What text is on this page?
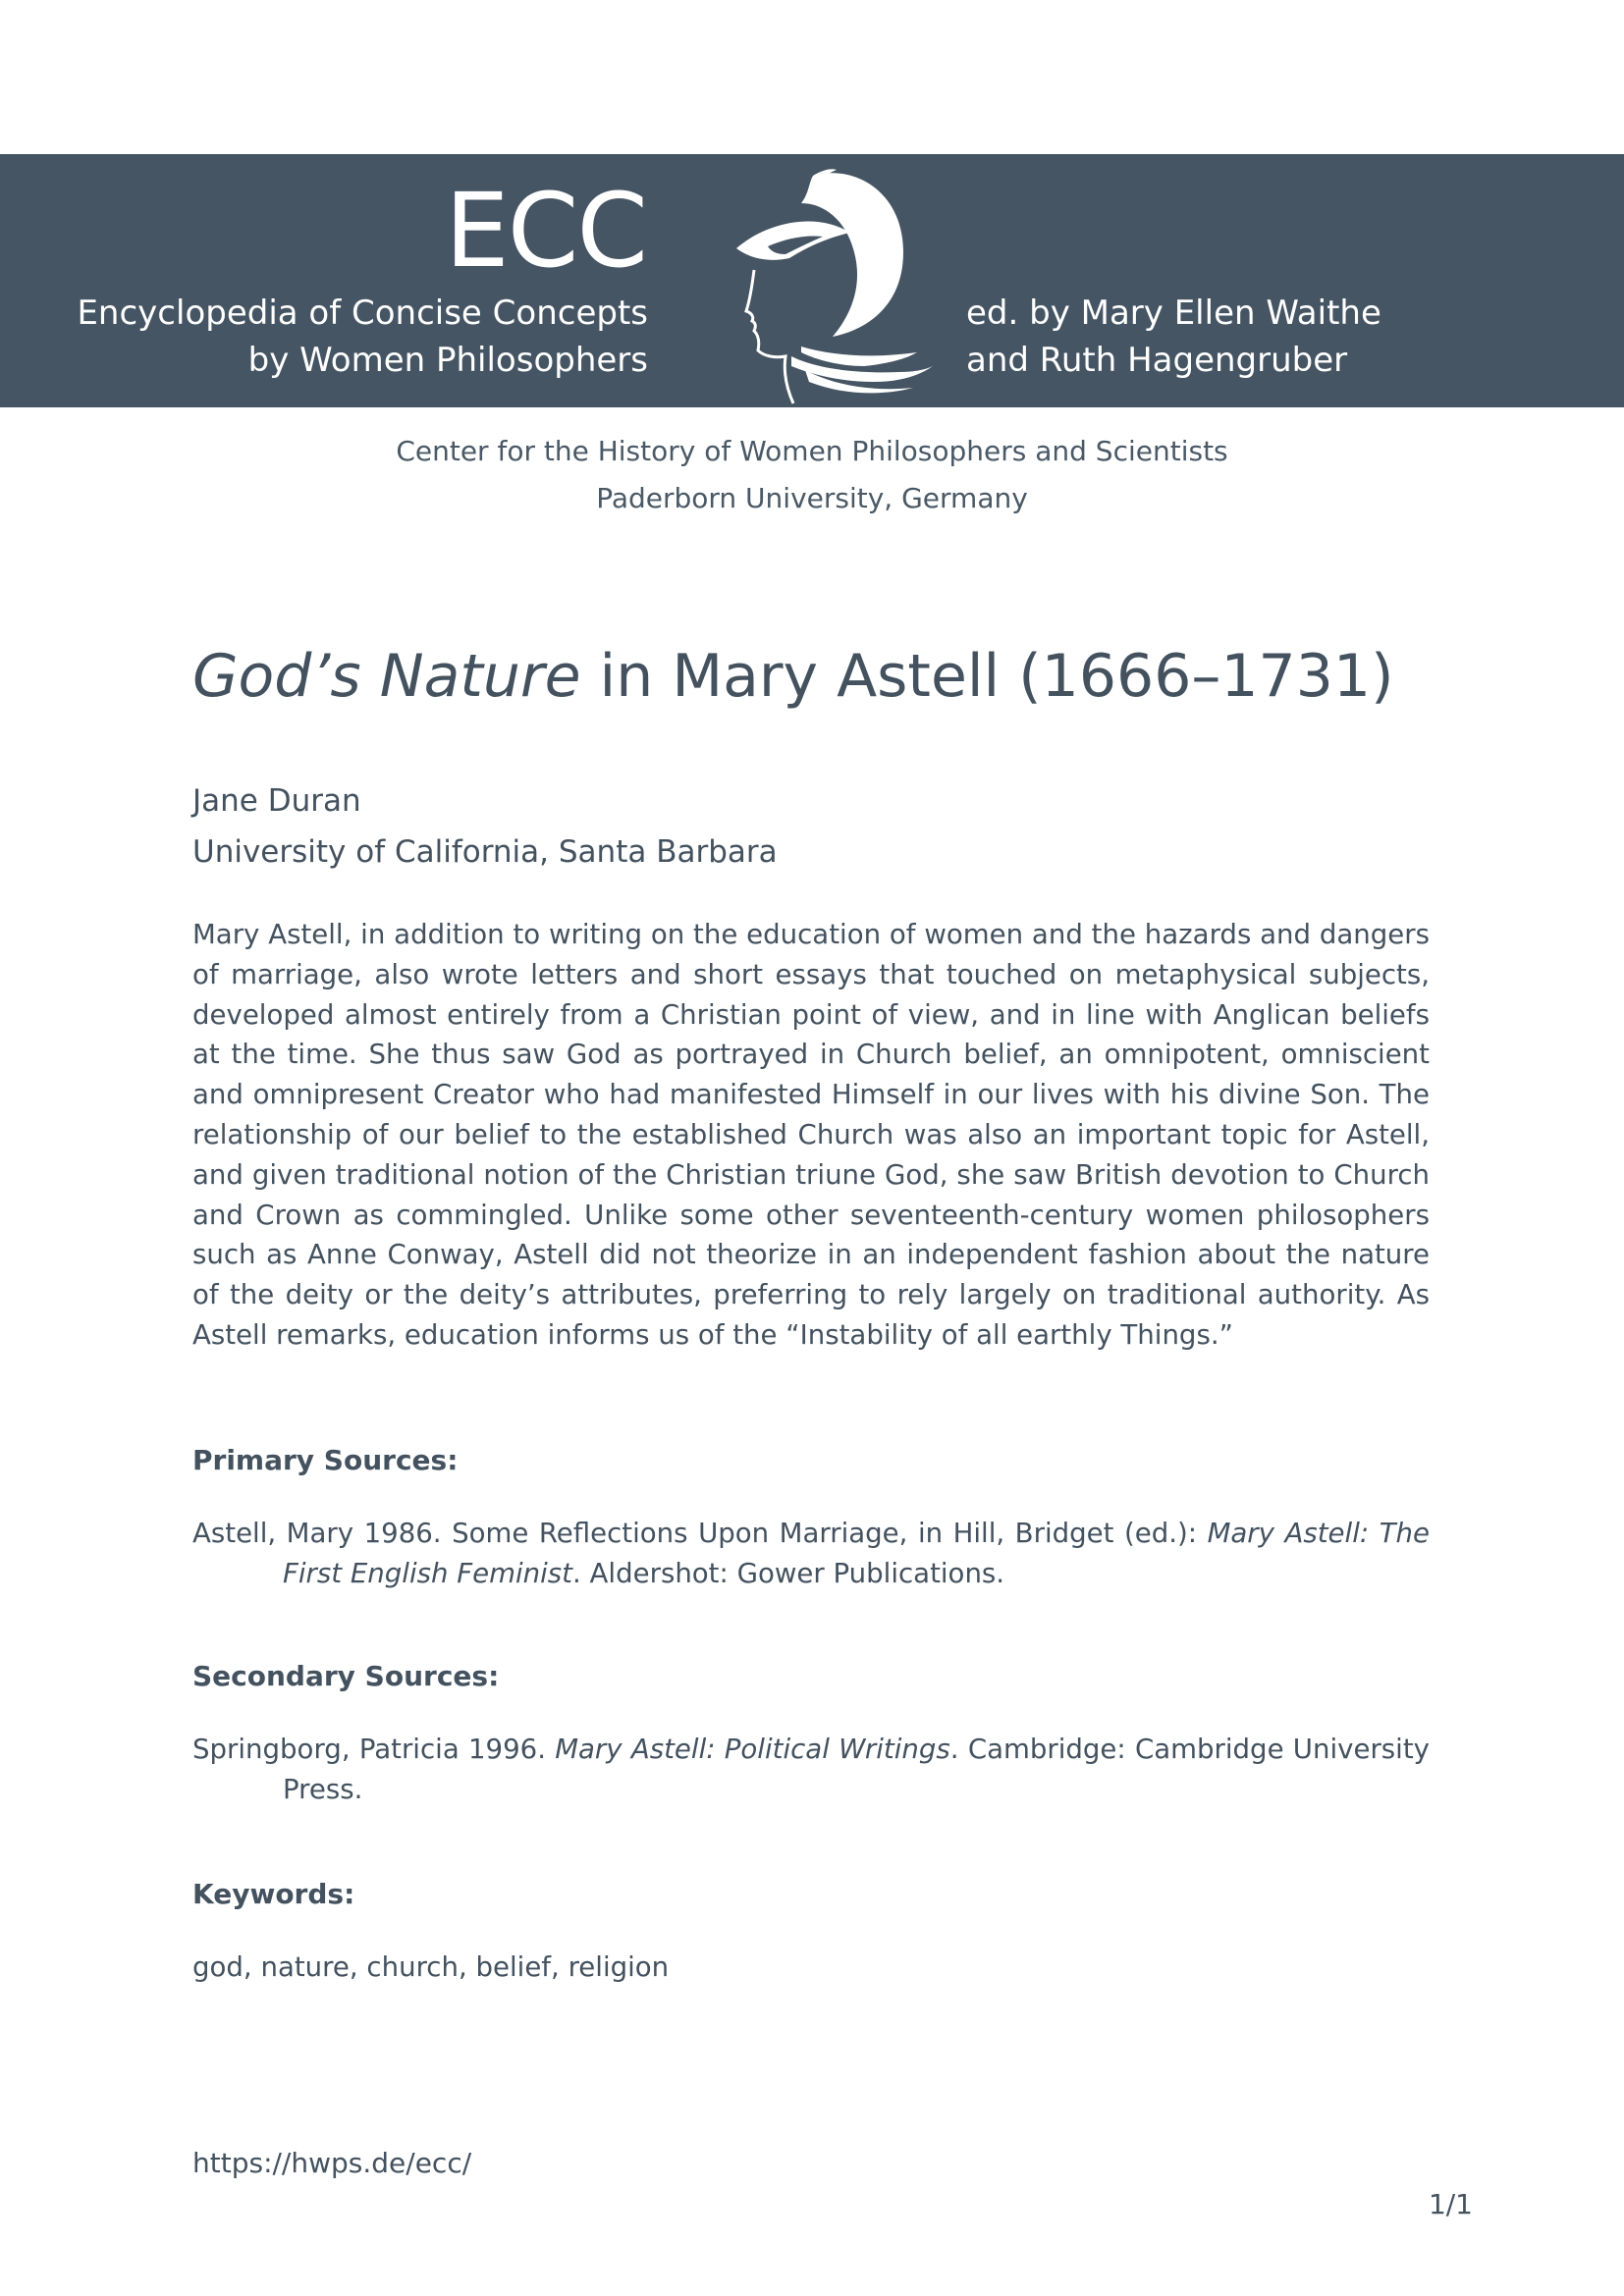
ECC
Encyclopedia of Concise Concepts
by Women Philosophers
ed. by Mary Ellen Waithe
and Ruth Hagengruber
Center for the History of Women Philosophers and Scientists
Paderborn University, Germany
God’s Nature in Mary Astell (1666–1731)
Jane Duran
University of California, Santa Barbara
Mary Astell, in addition to writing on the education of women and the hazards and dangers of marriage, also wrote letters and short essays that touched on metaphysical subjects, developed almost entirely from a Christian point of view, and in line with Anglican beliefs at the time. She thus saw God as portrayed in Church belief, an omnipotent, omniscient and omnipresent Creator who had manifested Himself in our lives with his divine Son. The relationship of our belief to the established Church was also an important topic for Astell, and given traditional notion of the Christian triune God, she saw British devotion to Church and Crown as commingled. Unlike some other seventeenth-century women philosophers such as Anne Conway, Astell did not theorize in an independent fashion about the nature of the deity or the deity’s attributes, preferring to rely largely on traditional authority. As Astell remarks, education informs us of the “Instability of all earthly Things.”
Primary Sources:
Astell, Mary 1986. Some Reflections Upon Marriage, in Hill, Bridget (ed.): Mary Astell: The First English Feminist. Aldershot: Gower Publications.
Secondary Sources:
Springborg, Patricia 1996. Mary Astell: Political Writings. Cambridge: Cambridge University Press.
Keywords:
god, nature, church, belief, religion
https://hwps.de/ecc/
1/1
